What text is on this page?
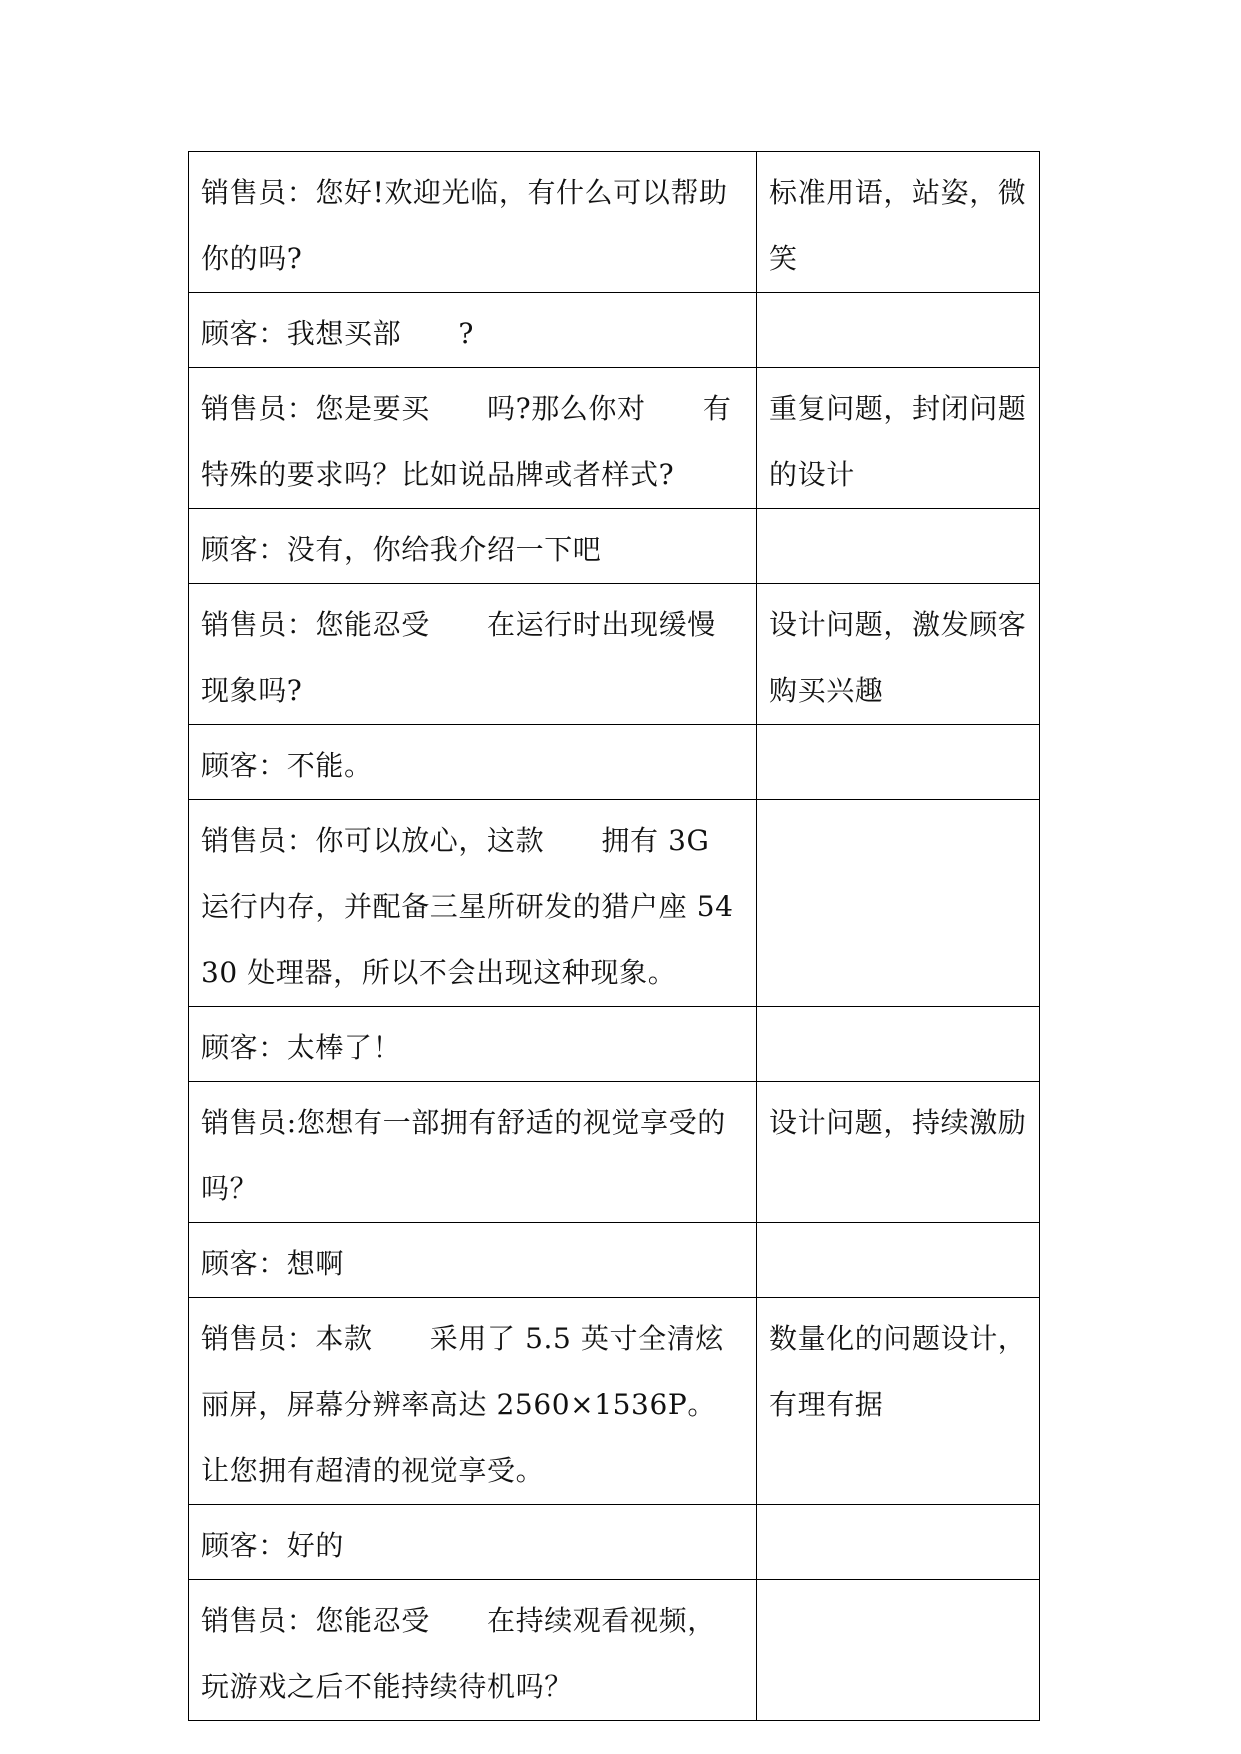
销售员：您好!欢迎光临，有什么可以帮助你的吗?	标准用语，站姿，微笑
顾客：我想买部　　?	
销售员：您是要买　　吗?那么你对　　有特殊的要求吗？比如说品牌或者样式?	重复问题，封闭问题的设计
顾客：没有，你给我介绍一下吧	
销售员：您能忍受　　在运行时出现缓慢现象吗?	设计问题，激发顾客购买兴趣
顾客：不能。	
销售员：你可以放心，这款　　拥有 3G 运行内存，并配备三星所研发的猎户座 5430 处理器，所以不会出现这种现象。	
顾客：太棒了！	
销售员:您想有一部拥有舒适的视觉享受的吗？	设计问题，持续激励
顾客：想啊	
销售员：本款　　采用了 5.5 英寸全清炫丽屏，屏幕分辨率高达 2560×1536P。让您拥有超清的视觉享受。	数量化的问题设计，有理有据
顾客：好的	
销售员：您能忍受　　在持续观看视频，玩游戏之后不能持续待机吗？	
